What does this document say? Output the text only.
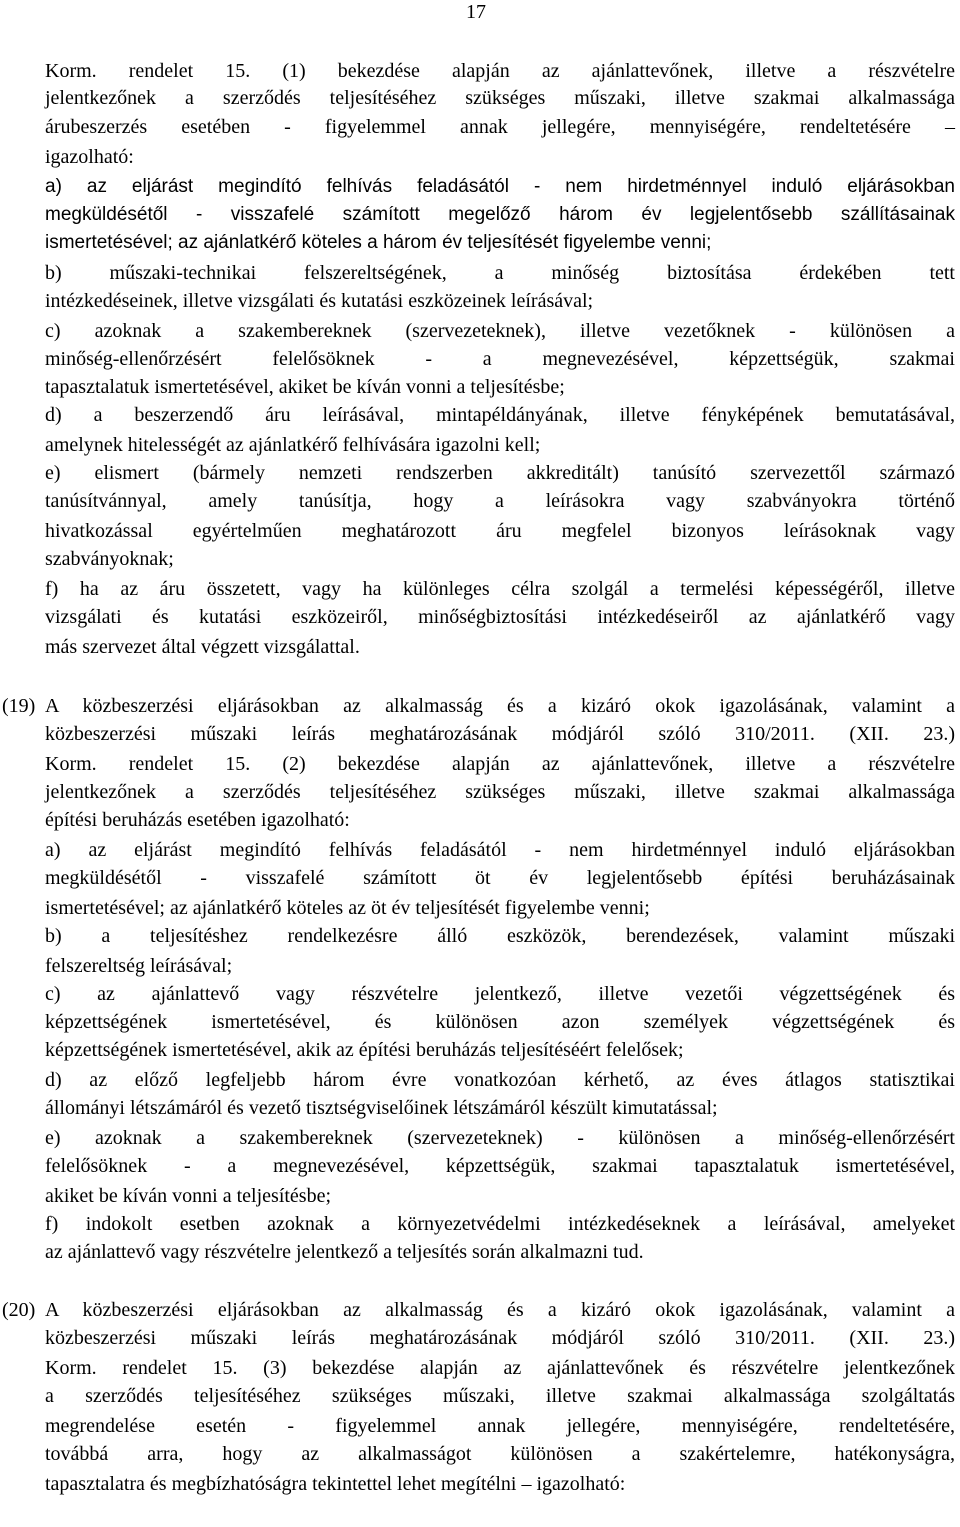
17
Korm. rendelet 15. (1) bekezdése alapján az ajánlattevőnek, illetve a részvételre
jelentkezőnek a szerződés teljesítéséhez szükséges műszaki, illetve szakmai alkalmassága
árubeszerzés esetében - figyelemmel annak jellegére, mennyiségére, rendeltetésére –
igazolható:
a) az eljárást megindító felhívás feladásától - nem hirdetménnyel induló eljárásokban
megküldésétől - visszafelé számított megelőző három év legjelentősebb szállításainak
ismertetésével; az ajánlatkérő köteles a három év teljesítését figyelembe venni;
b) műszaki-technikai felszereltségének, a minőség biztosítása érdekében tett
intézkedéseinek, illetve vizsgálati és kutatási eszközeinek leírásával;
c) azoknak a szakembereknek (szervezeteknek), illetve vezetőknek - különösen a
minőség-ellenőrzésért felelősöknek - a megnevezésével, képzettségük, szakmai
tapasztalatuk ismertetésével, akiket be kíván vonni a teljesítésbe;
d) a beszerzendő áru leírásával, mintapéldányának, illetve fényképének bemutatásával,
amelynek hitelességét az ajánlatkérő felhívására igazolni kell;
e) elismert (bármely nemzeti rendszerben akkreditált) tanúsító szervezettől származó
tanúsítvánnyal, amely tanúsítja, hogy a leírásokra vagy szabványokra történő
hivatkozással egyértelműen meghatározott áru megfelel bizonyos leírásoknak vagy
szabványoknak;
f) ha az áru összetett, vagy ha különleges célra szolgál a termelési képességéről, illetve
vizsgálati és kutatási eszközeiről, minőségbiztosítási intézkedéseiről az ajánlatkérő vagy
más szervezet által végzett vizsgálattal.
A közbeszerzési eljárásokban az alkalmasság és a kizáró okok igazolásának, valamint a
(19)
közbeszerzési műszaki leírás meghatározásának módjáról szóló 310/2011. (XII. 23.)
Korm. rendelet 15. (2) bekezdése alapján az ajánlattevőnek, illetve a részvételre
jelentkezőnek a szerződés teljesítéséhez szükséges műszaki, illetve szakmai alkalmassága
építési beruházás esetében igazolható:
a) az eljárást megindító felhívás feladásától - nem hirdetménnyel induló eljárásokban
megküldésétől - visszafelé számított öt év legjelentősebb építési beruházásainak
ismertetésével; az ajánlatkérő köteles az öt év teljesítését figyelembe venni;
b) a teljesítéshez rendelkezésre álló eszközök, berendezések, valamint műszaki
felszereltség leírásával;
c) az ajánlattevő vagy részvételre jelentkező, illetve vezetői végzettségének és
képzettségének ismertetésével, és különösen azon személyek végzettségének és
képzettségének ismertetésével, akik az építési beruházás teljesítéséért felelősek;
d) az előző legfeljebb három évre vonatkozóan kérhető, az éves átlagos statisztikai
állományi létszámáról és vezető tisztségviselőinek létszámáról készült kimutatással;
e) azoknak a szakembereknek (szervezeteknek) - különösen a minőség-ellenőrzésért
felelősöknek - a megnevezésével, képzettségük, szakmai tapasztalatuk ismertetésével,
akiket be kíván vonni a teljesítésbe;
f) indokolt esetben azoknak a környezetvédelmi intézkedéseknek a leírásával, amelyeket
az ajánlattevő vagy részvételre jelentkező a teljesítés során alkalmazni tud.
A közbeszerzési eljárásokban az alkalmasság és a kizáró okok igazolásának, valamint a
(20)
közbeszerzési műszaki leírás meghatározásának módjáról szóló 310/2011. (XII. 23.)
Korm. rendelet 15. (3) bekezdése alapján az ajánlattevőnek és részvételre jelentkezőnek
a szerződés teljesítéséhez szükséges műszaki, illetve szakmai alkalmassága szolgáltatás
megrendelése esetén - figyelemmel annak jellegére, mennyiségére, rendeltetésére,
továbbá arra, hogy az alkalmasságot különösen a szakértelemre, hatékonyságra,
tapasztalatra és megbízhatóságra tekintettel lehet megítélni – igazolható:
